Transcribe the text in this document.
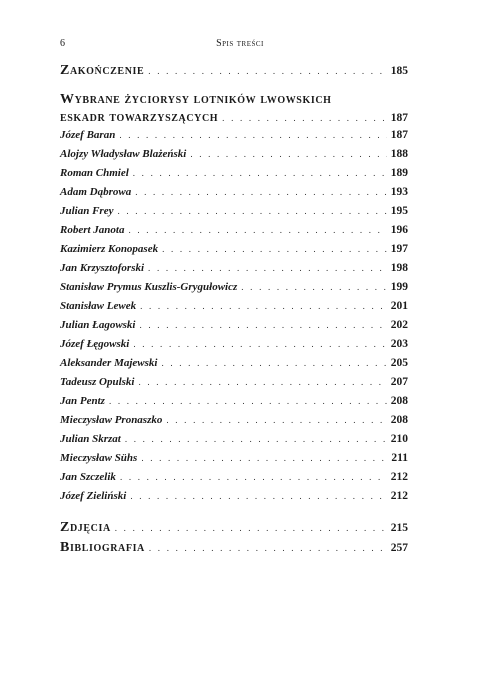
6	Spis treści
Zakończenie . . .	185
Wybrane życiorysy lotników lwowskich
eskadr towarzyszących . . .	187
Józef Baran . . .	187
Alojzy Władysław Blażeński . . .	188
Roman Chmiel . . .	189
Adam Dąbrowa . . .	193
Julian Frey . . .	195
Robert Janota . . .	196
Kazimierz Konopasek . . .	197
Jan Krzysztoforski . . .	198
Stanisław Prymus Kuszlis-Grygułowicz . . .	199
Stanisław Lewek . . .	201
Julian Łagowski . . .	202
Józef Łęgowski . . .	203
Aleksander Majewski . . .	205
Tadeusz Opulski . . .	207
Jan Pentz . . .	208
Mieczysław Pronaszko . . .	208
Julian Skrzat . . .	210
Mieczysław Sühs . . .	211
Jan Szczelik . . .	212
Józef Zieliński . . .	212
Zdjęcia . . .	215
Bibliografia . . .	257
